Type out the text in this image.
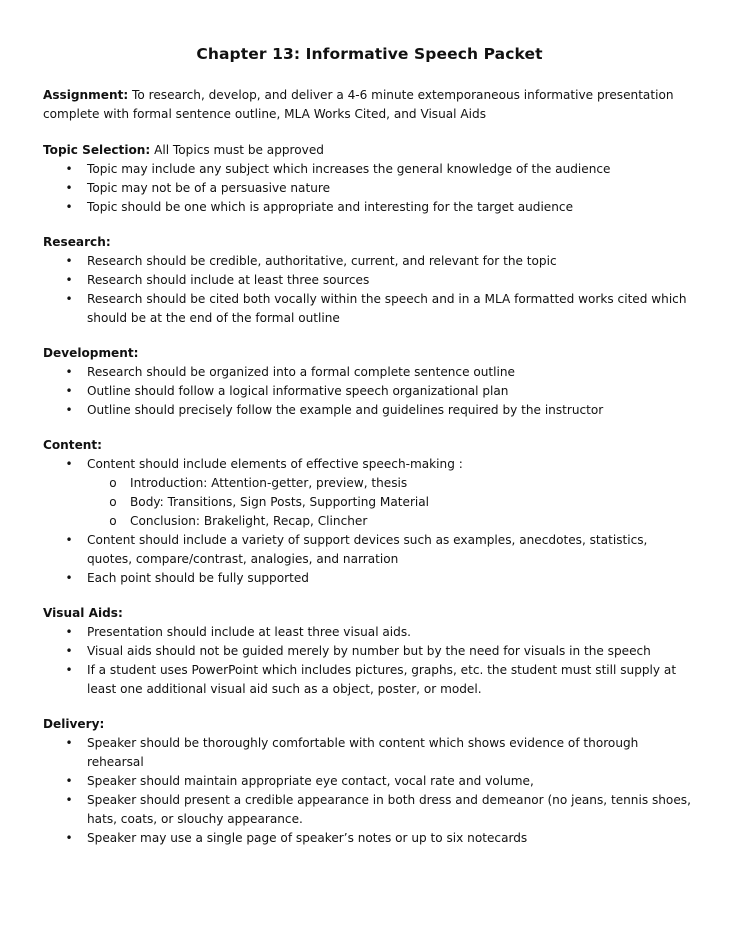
Chapter 13: Informative Speech Packet

Assignment: To research, develop, and deliver a 4-6 minute extemporaneous informative presentation complete with formal sentence outline, MLA Works Cited, and Visual Aids

Topic Selection: All Topics must be approved

• Topic may include any subject which increases the general knowledge of the audience
• Topic may not be of a persuasive nature
• Topic should be one which is appropriate and interesting for the target audience

Research:

• Research should be credible, authoritative, current, and relevant for the topic
• Research should include at least three sources
• Research should be cited both vocally within the speech and in a MLA formatted works cited which should be at the end of the formal outline

Development:

• Research should be organized into a formal complete sentence outline
• Outline should follow a logical informative speech organizational plan
• Outline should precisely follow the example and guidelines required by the instructor

Content:

• Content should include elements of effective speech-making :
o Introduction: Attention-getter, preview, thesis
o Body: Transitions, Sign Posts, Supporting Material
o Conclusion: Brakelight, Recap, Clincher
• Content should include a variety of support devices such as examples, anecdotes, statistics, quotes, compare/contrast, analogies, and narration
• Each point should be fully supported

Visual Aids:

• Presentation should include at least three visual aids.
• Visual aids should not be guided merely by number but by the need for visuals in the speech
• If a student uses PowerPoint which includes pictures, graphs, etc. the student must still supply at least one additional visual aid such as a object, poster, or model.

Delivery:

• Speaker should be thoroughly comfortable with content which shows evidence of thorough rehearsal
• Speaker should maintain appropriate eye contact, vocal rate and volume,
• Speaker should present a credible appearance in both dress and demeanor (no jeans, tennis shoes, hats, coats, or slouchy appearance.
• Speaker may use a single page of speaker’s notes or up to six notecards
